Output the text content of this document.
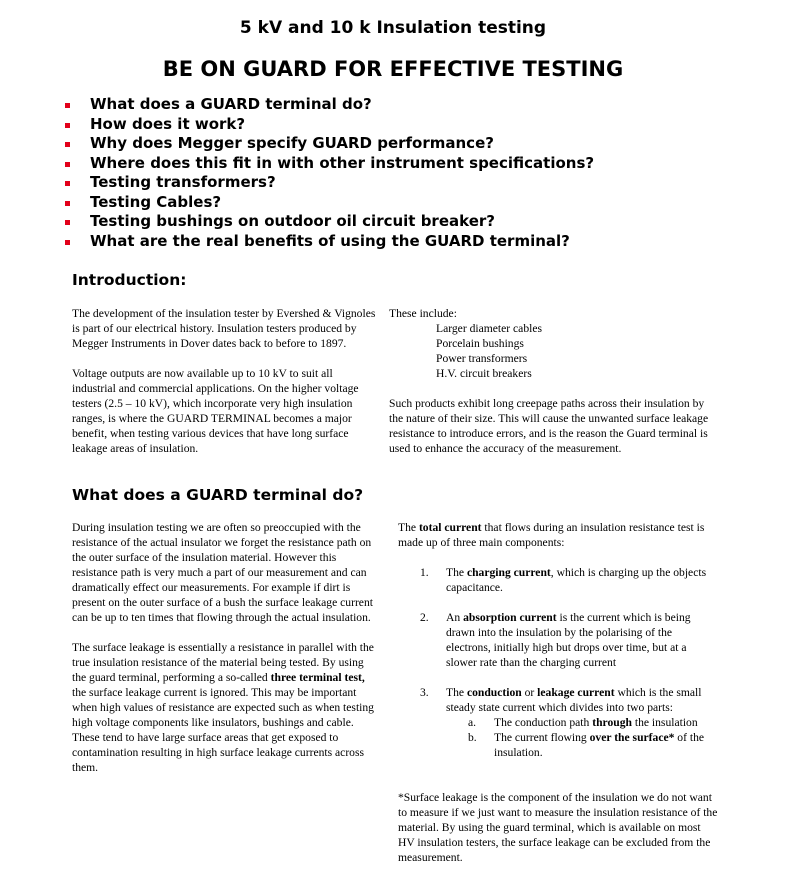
5 kV and 10 k Insulation testing
BE ON GUARD FOR EFFECTIVE TESTING
What does a GUARD terminal do?
How does it work?
Why does Megger specify GUARD performance?
Where does this fit in with other instrument specifications?
Testing transformers?
Testing Cables?
Testing bushings on outdoor oil circuit breaker?
What are the real benefits of using the GUARD terminal?
Introduction:

The development of the insulation tester by Evershed & Vignoles is part of our electrical history. Insulation testers produced by Megger Instruments in Dover dates back to before to 1897.

Voltage outputs are now available up to 10 kV to suit all industrial and commercial applications. On the higher voltage testers (2.5 – 10 kV), which incorporate very high insulation ranges, is where the GUARD TERMINAL becomes a major benefit, when testing various devices that have long surface leakage areas of insulation.

These include:
Larger diameter cables
Porcelain bushings
Power transformers
H.V. circuit breakers

Such products exhibit long creepage paths across their insulation by the nature of their size. This will cause the unwanted surface leakage resistance to introduce errors, and is the reason the Guard terminal is used to enhance the accuracy of the measurement.

What does a GUARD terminal do?

During insulation testing we are often so preoccupied with the resistance of the actual insulator we forget the resistance path on the outer surface of the insulation material. However this resistance path is very much a part of our measurement and can dramatically effect our measurements. For example if dirt is present on the outer surface of a bush the surface leakage current can be up to ten times that flowing through the actual insulation.

The surface leakage is essentially a resistance in parallel with the true insulation resistance of the material being tested. By using the guard terminal, performing a so-called three terminal test, the surface leakage current is ignored. This may be important when high values of resistance are expected such as when testing high voltage components like insulators, bushings and cable. These tend to have large surface areas that get exposed to contamination resulting in high surface leakage currents across them.

The total current that flows during an insulation resistance test is made up of three main components:

1. The charging current, which is charging up the objects capacitance.
2. An absorption current is the current which is being drawn into the insulation by the polarising of the electrons, initially high but drops over time, but at a slower rate than the charging current
3. The conduction or leakage current which is the small steady state current which divides into two parts:
a. The conduction path through the insulation
b. The current flowing over the surface* of the insulation.

*Surface leakage is the component of the insulation we do not want to measure if we just want to measure the insulation resistance of the material. By using the guard terminal, which is available on most HV insulation testers, the surface leakage can be excluded from the measurement.
